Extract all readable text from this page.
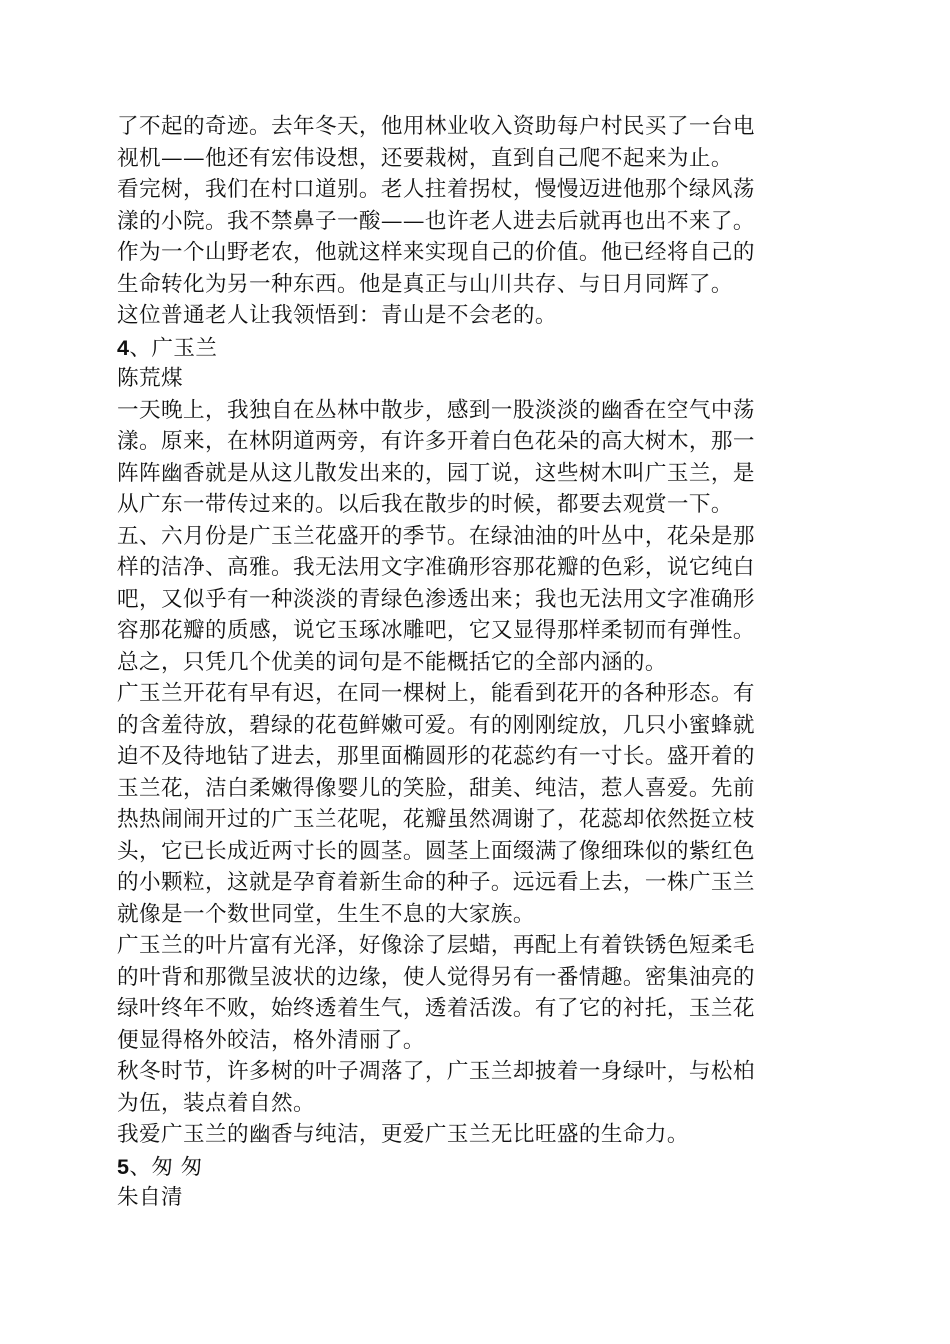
了不起的奇迹。去年冬天，他用林业收入资助每户村民买了一台电
视机——他还有宏伟设想，还要栽树，直到自己爬不起来为止。
看完树，我们在村口道别。老人拄着拐杖，慢慢迈进他那个绿风荡
漾的小院。我不禁鼻子一酸——也许老人进去后就再也出不来了。
作为一个山野老农，他就这样来实现自己的价值。他已经将自己的
生命转化为另一种东西。他是真正与山川共存、与日月同辉了。
这位普通老人让我领悟到：青山是不会老的。
4、广玉兰
陈荒煤
一天晚上，我独自在丛林中散步，感到一股淡淡的幽香在空气中荡
漾。原来，在林阴道两旁，有许多开着白色花朵的高大树木，那一
阵阵幽香就是从这儿散发出来的，园丁说，这些树木叫广玉兰，是
从广东一带传过来的。以后我在散步的时候，都要去观赏一下。
五、六月份是广玉兰花盛开的季节。在绿油油的叶丛中，花朵是那
样的洁净、高雅。我无法用文字准确形容那花瓣的色彩，说它纯白
吧，又似乎有一种淡淡的青绿色渗透出来；我也无法用文字准确形
容那花瓣的质感，说它玉琢冰雕吧，它又显得那样柔韧而有弹性。
总之，只凭几个优美的词句是不能概括它的全部内涵的。
广玉兰开花有早有迟，在同一棵树上，能看到花开的各种形态。有
的含羞待放，碧绿的花苞鲜嫩可爱。有的刚刚绽放，几只小蜜蜂就
迫不及待地钻了进去，那里面椭圆形的花蕊约有一寸长。盛开着的
玉兰花，洁白柔嫩得像婴儿的笑脸，甜美、纯洁，惹人喜爱。先前
热热闹闹开过的广玉兰花呢，花瓣虽然凋谢了，花蕊却依然挺立枝
头，它已长成近两寸长的圆茎。圆茎上面缀满了像细珠似的紫红色
的小颗粒，这就是孕育着新生命的种子。远远看上去，一株广玉兰
就像是一个数世同堂，生生不息的大家族。
广玉兰的叶片富有光泽，好像涂了层蜡，再配上有着铁锈色短柔毛
的叶背和那微呈波状的边缘，使人觉得另有一番情趣。密集油亮的
绿叶终年不败，始终透着生气，透着活泼。有了它的衬托，玉兰花
便显得格外皎洁，格外清丽了。
秋冬时节，许多树的叶子凋落了，广玉兰却披着一身绿叶，与松柏
为伍，装点着自然。
我爱广玉兰的幽香与纯洁，更爱广玉兰无比旺盛的生命力。
5、匆 匆
朱自清
